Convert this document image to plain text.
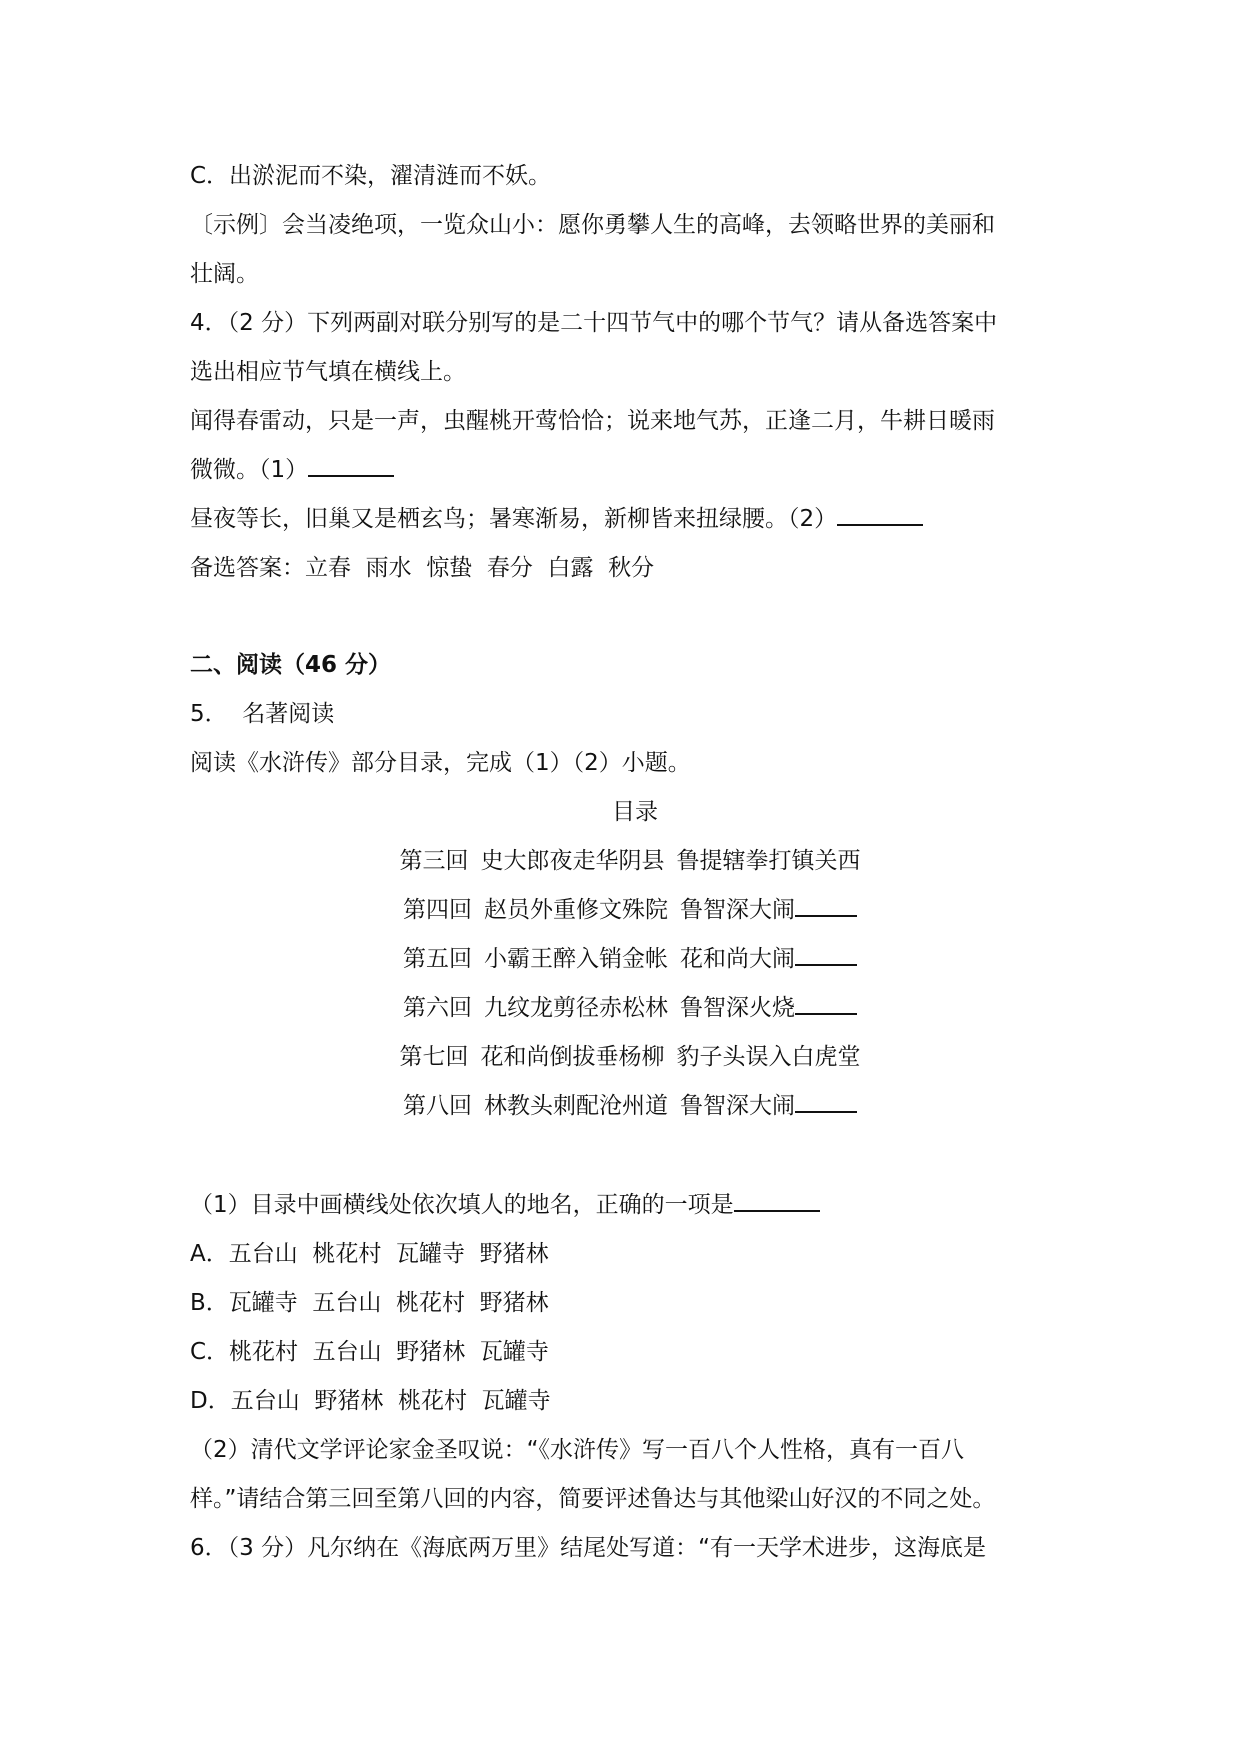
C．出淤泥而不染，濯清涟而不妖。
〔示例〕会当凌绝项，一览众山小：愿你勇攀人生的高峰，去领略世界的美丽和
壮阔。
4．（2 分）下列两副对联分别写的是二十四节气中的哪个节气？请从备选答案中
选出相应节气填在横线上。
闻得春雷动，只是一声，虫醒桃开莺恰恰；说来地气苏，正逢二月，牛耕日暖雨
微微。（1）
昼夜等长，旧巢又是栖玄鸟；暑寒渐易，新柳皆来扭绿腰。（2）
备选答案：立春  雨水  惊蛰  春分  白露  秋分
二、阅读（46 分）
5．  名著阅读
阅读《水浒传》部分目录，完成（1）（2）小题。
目录
第三回 史大郎夜走华阴县 鲁提辖拳打镇关西
第四回 赵员外重修文殊院 鲁智深大闹
第五回 小霸王醉入销金帐 花和尚大闹
第六回 九纹龙剪径赤松林 鲁智深火烧
第七回 花和尚倒拔垂杨柳 豹子头误入白虎堂
第八回 林教头刺配沧州道 鲁智深大闹
（1）目录中画横线处依次填人的地名，正确的一项是
A．五台山  桃花村  瓦罐寺  野猪林
B．瓦罐寺  五台山  桃花村  野猪林
C．桃花村  五台山  野猪林  瓦罐寺
D．五台山  野猪林  桃花村  瓦罐寺
（2）清代文学评论家金圣叹说：“《水浒传》写一百八个人性格，真有一百八
样。”请结合第三回至第八回的内容，简要评述鲁达与其他梁山好汉的不同之处。
6．（3 分）凡尔纳在《海底两万里》结尾处写道：“有一天学术进步，这海底是
